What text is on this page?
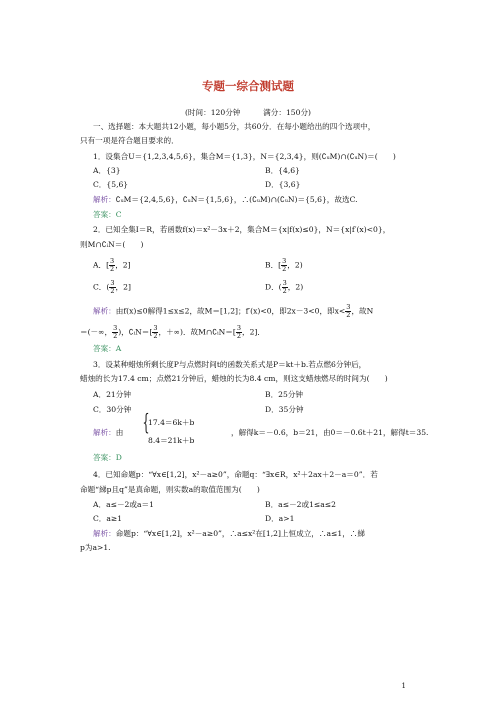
专题一综合测试题
(时间：120分钟　　　满分：150分)
一、选择题：本大题共12小题，每小题5分，共60分．在每小题给出的四个选项中，
只有一项是符合题目要求的．
1．设集合U＝{1,2,3,4,5,6}，集合M＝{1,3}，N＝{2,3,4}，则(∁ᵤM)∩(∁ᵤN)＝(　　)
A．{3}	B．{4,6}
C．{5,6}	D．{3,6}
解析：∁ᵤM＝{2,4,5,6}，∁ᵤN＝{1,5,6}，∴(∁ᵤM)∩(∁ᵤN)＝{5,6}，故选C.
答案：C
2．已知全集I＝R，若函数f(x)＝x²－3x＋2，集合M＝{x|f(x)≤0}，N＝{x|f′(x)<0}，
则M∩∁ᵢN＝(　　)
A．[ $\frac{3}{2}$ ，2]	B．[ $\frac{3}{2}$ ，2)
C．( $\frac{3}{2}$ ，2]	D．( $\frac{3}{2}$ ，2)
解析：由f(x)≤0解得1≤x≤2，故M＝[1,2]；f′(x)<0，即2x－3<0，即$x< \frac{3}{2}$ ，故N
＝(－∞， $\frac{3}{2}$ )，∁ᵢN＝[ $\frac{3}{2}$ ，＋∞)．故M∩∁ᵢN＝[ $\frac{3}{2}$ ，2]．
答案：A
3．设某种蜡烛所剩长度P与点燃时间t的函数关系式是P＝kt＋b.若点燃6分钟后，
蜡烛的长为17.4 cm；点燃21分钟后，蜡烛的长为8.4 cm，则这支蜡烛燃尽的时间为(　　)
A．21分钟	B．25分钟
C．30分钟	D．35分钟
解析：由 {
17.4＝6k＋b
8.4＝21k＋b
，解得k＝－0.6，b＝21，由0＝－0.6t＋21，解得t＝35.
答案：D
4．已知命题p：“∀x∈[1,2]，x²－a≥0”，命题q：“∃x∈R，x²＋2ax＋2－a＝0”．若
命题“綈p且q”是真命题，则实数a的取值范围为(　　)
A．a≤－2或a＝1	B．a≤－2或1≤a≤2
C．a≥1	D．a>1
解析：命题p：“∀x∈[1,2]，x²－a≥0”，∴a≤x²在[1,2]上恒成立，∴a≤1，∴綈
p为a>1.
1
